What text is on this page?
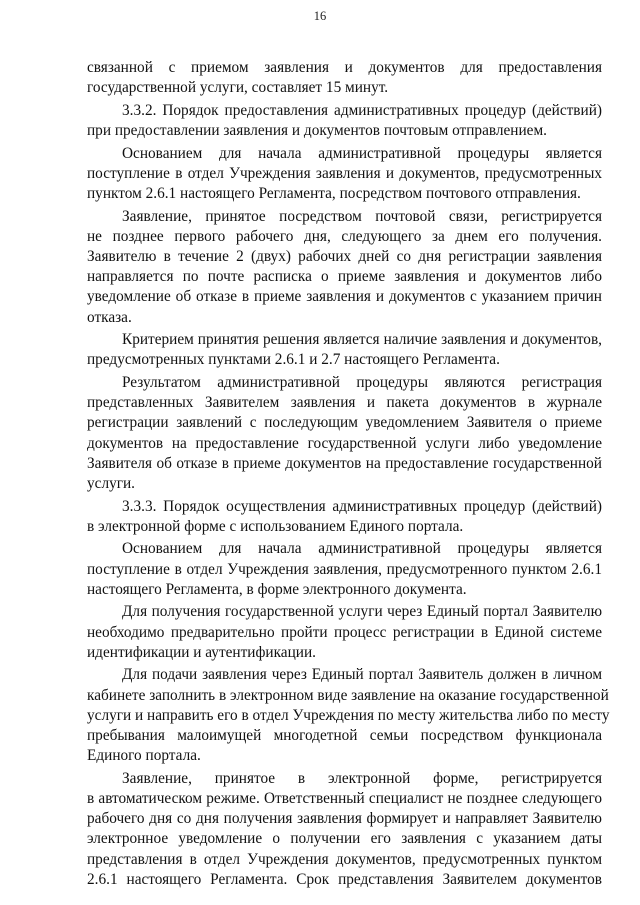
16
связанной с приемом заявления и документов для предоставления
государственной услуги, составляет 15 минут.
3.3.2. Порядок предоставления административных процедур (действий)
при предоставлении заявления и документов почтовым отправлением.
Основанием для начала административной процедуры является
поступление в отдел Учреждения заявления и документов, предусмотренных
пунктом 2.6.1 настоящего Регламента, посредством почтового отправления.
Заявление, принятое посредством почтовой связи, регистрируется
не позднее первого рабочего дня, следующего за днем его получения.
Заявителю в течение 2 (двух) рабочих дней со дня регистрации заявления
направляется по почте расписка о приеме заявления и документов либо
уведомление об отказе в приеме заявления и документов с указанием причин
отказа.
Критерием принятия решения является наличие заявления и документов,
предусмотренных пунктами 2.6.1 и 2.7 настоящего Регламента.
Результатом административной процедуры являются регистрация
представленных Заявителем заявления и пакета документов в журнале
регистрации заявлений с последующим уведомлением Заявителя о приеме
документов на предоставление государственной услуги либо уведомление
Заявителя об отказе в приеме документов на предоставление государственной
услуги.
3.3.3. Порядок осуществления административных процедур (действий)
в электронной форме с использованием Единого портала.
Основанием для начала административной процедуры является
поступление в отдел Учреждения заявления, предусмотренного пунктом 2.6.1
настоящего Регламента, в форме электронного документа.
Для получения государственной услуги через Единый портал Заявителю
необходимо предварительно пройти процесс регистрации в Единой системе
идентификации и аутентификации.
Для подачи заявления через Единый портал Заявитель должен в личном
кабинете заполнить в электронном виде заявление на оказание государственной
услуги и направить его в отдел Учреждения по месту жительства либо по месту
пребывания малоимущей многодетной семьи посредством функционала
Единого портала.
Заявление, принятое в электронной форме, регистрируется
в автоматическом режиме. Ответственный специалист не позднее следующего
рабочего дня со дня получения заявления формирует и направляет Заявителю
электронное уведомление о получении его заявления с указанием даты
представления в отдел Учреждения документов, предусмотренных пунктом
2.6.1 настоящего Регламента. Срок представления Заявителем документов
